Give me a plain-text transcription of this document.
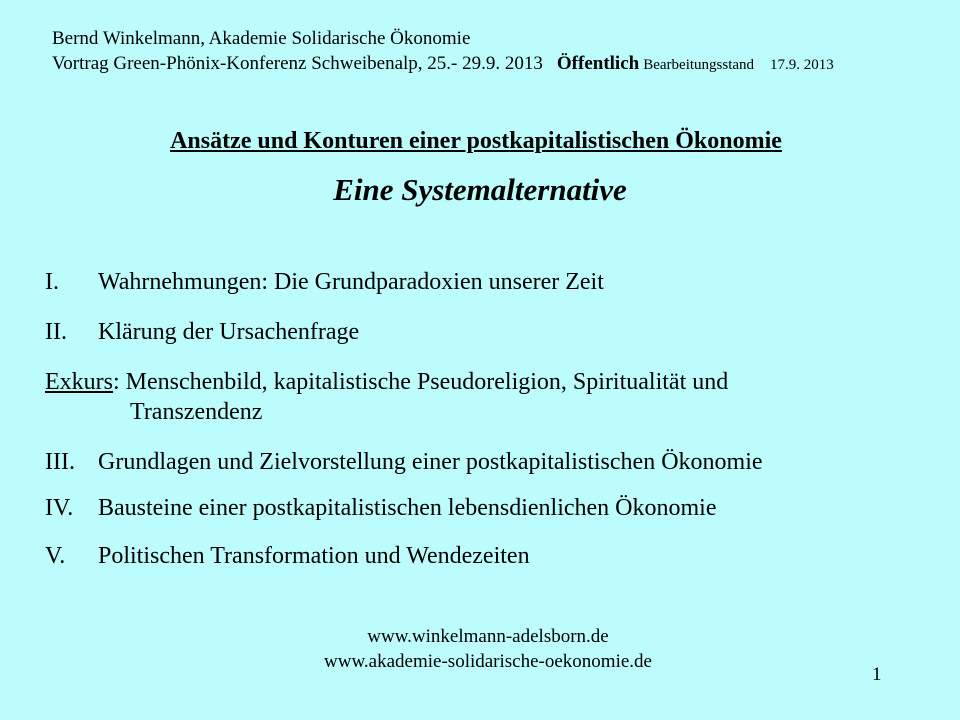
Bernd Winkelmann, Akademie Solidarische Ökonomie
Vortrag Green-Phönix-Konferenz Schweibenalp, 25.- 29.9. 2013 Öffentlich Bearbeitungsstand 17.9. 2013
Ansätze und Konturen einer postkapitalistischen Ökonomie
Eine Systemalternative
I. Wahrnehmungen: Die Grundparadoxien unserer Zeit
II. Klärung der Ursachenfrage
Exkurs: Menschenbild, kapitalistische Pseudoreligion, Spiritualität und
Transzendenz
III. Grundlagen und Zielvorstellung einer postkapitalistischen Ökonomie
IV. Bausteine einer postkapitalistischen lebensdienlichen Ökonomie
V. Politischen Transformation und Wendezeiten
www.winkelmann-adelsborn.de
www.akademie-solidarische-oekonomie.de
1
